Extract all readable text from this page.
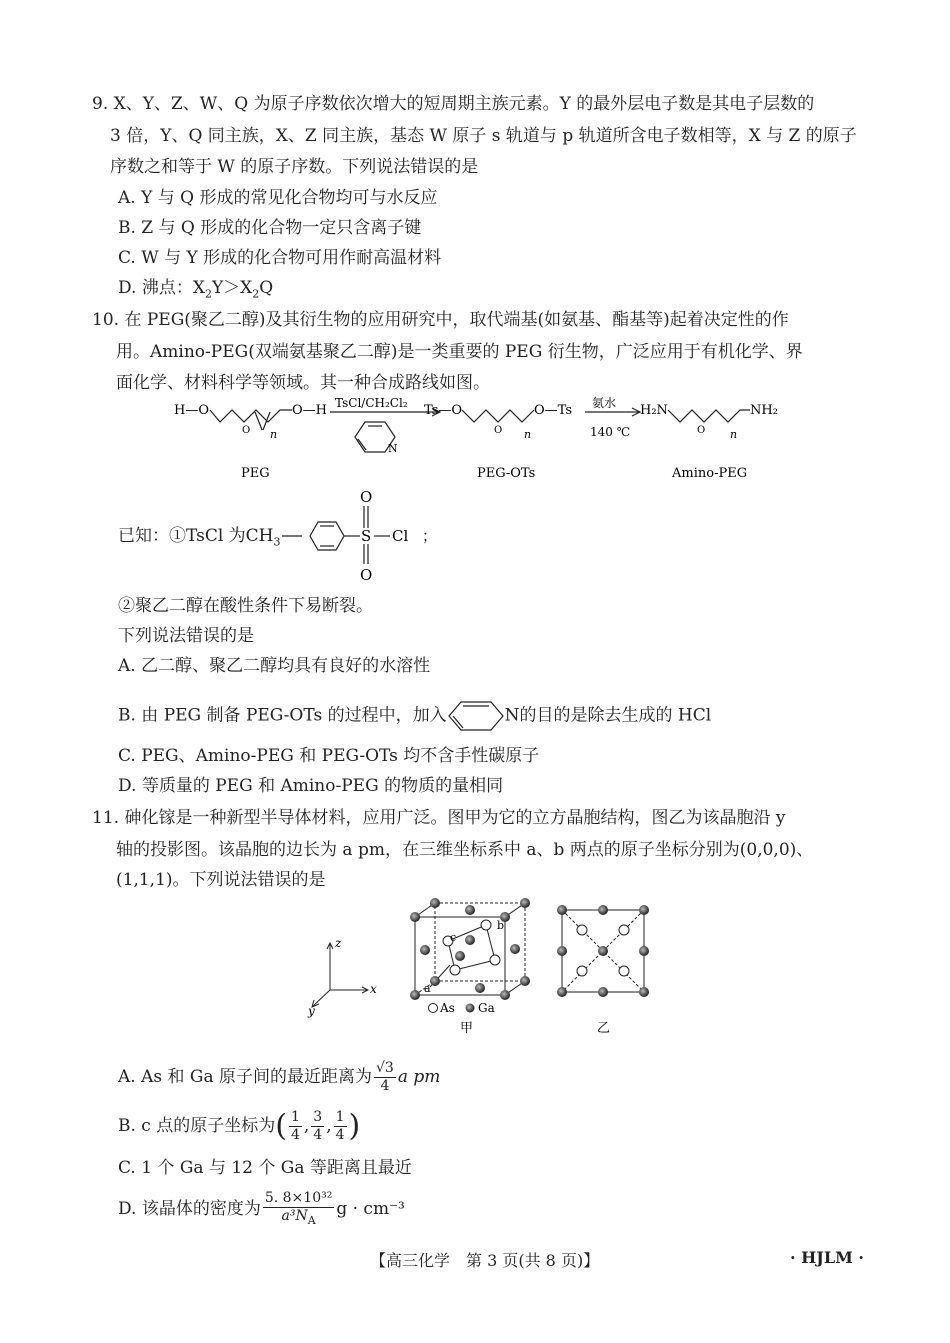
9. X、Y、Z、W、Q 为原子序数依次增大的短周期主族元素。Y 的最外层电子数是其电子层数的
3 倍，Y、Q 同主族，X、Z 同主族，基态 W 原子 s 轨道与 p 轨道所含电子数相等，X 与 Z 的原子
序数之和等于 W 的原子序数。下列说法错误的是
A. Y 与 Q 形成的常见化合物均可与水反应
B. Z 与 Q 形成的化合物一定只含离子键
C. W 与 Y 形成的化合物可用作耐高温材料
D. 沸点：$X_2Y>X_2Q$
10. 在 PEG(聚乙二醇)及其衍生物的应用研究中，取代端基(如氨基、酯基等)起着决定性的作
用。Amino-PEG(双端氨基聚乙二醇)是一类重要的 PEG 衍生物，广泛应用于有机化学、界
面化学、材料科学等领域。其一种合成路线如图。
H—O	O—H
O n
TsCl/CH₂Cl₂
N
Ts—O	O—Ts
O n
氨水
140 ℃
H₂N	NH₂
O n
PEG	PEG-OTs	Amino-PEG
已知：①TsCl 为$CH_3$	S
O
O
Cl ；
②聚乙二醇在酸性条件下易断裂。
下列说法错误的是
A. 乙二醇、聚乙二醇均具有良好的水溶性
B. 由 PEG 制备 PEG-OTs 的过程中，加入	N的目的是除去生成的 HCl
C. PEG、Amino-PEG 和 PEG-OTs 均不含手性碳原子
D. 等质量的 PEG 和 Amino-PEG 的物质的量相同
11. 砷化镓是一种新型半导体材料，应用广泛。图甲为它的立方晶胞结构，图乙为该晶胞沿 y
轴的投影图。该晶胞的边长为 a pm，在三维坐标系中 a、b 两点的原子坐标分别为(0,0,0)、
(1,1,1)。下列说法错误的是
z
x
y
a
b
c
As Ga
甲	乙
A. As 和 Ga 原子间的最近距离为 $\frac{√3}{4}$ a pm
B. c 点的原子坐标为( $\frac{1}{4}$ , $\frac{3}{4}$ , $\frac{1}{4}$ )
C. 1 个 Ga 与 12 个 Ga 等距离且最近
D. 该晶体的密度为 $\frac{\text{5. 8×10³²}}{a^3N_A}$ g · cm⁻³
【高三化学　第 3 页(共 8 页)】	· HJLM ·
